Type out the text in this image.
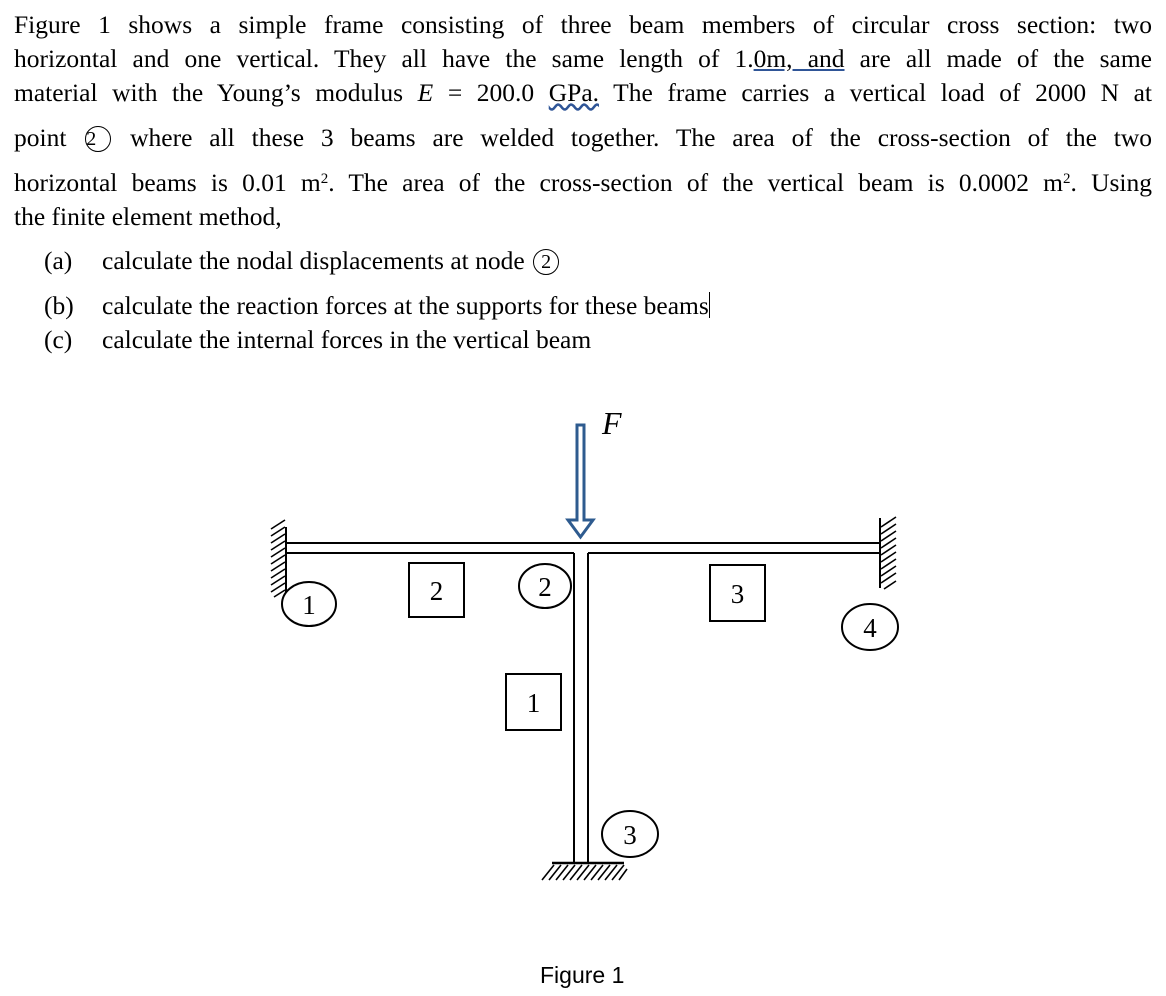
Figure 1 shows a simple frame consisting of three beam members of circular cross section: two
horizontal and one vertical. They all have the same length of 1.0m, and are all made of the same
material with the Young’s modulus E = 200.0 GPa. The frame carries a vertical load of 2000 N at
point 2 where all these 3 beams are welded together. The area of the cross-section of the two
horizontal beams is 0.01 $m^2$. The area of the cross-section of the vertical beam is 0.0002 $m^2$. Using
the finite element method,
(a) calculate the nodal displacements at node 2
(b) calculate the reaction forces at the supports for these beams
(c) calculate the internal forces in the vertical beam
F
1
2
3
4
2
1
3
Figure 1
